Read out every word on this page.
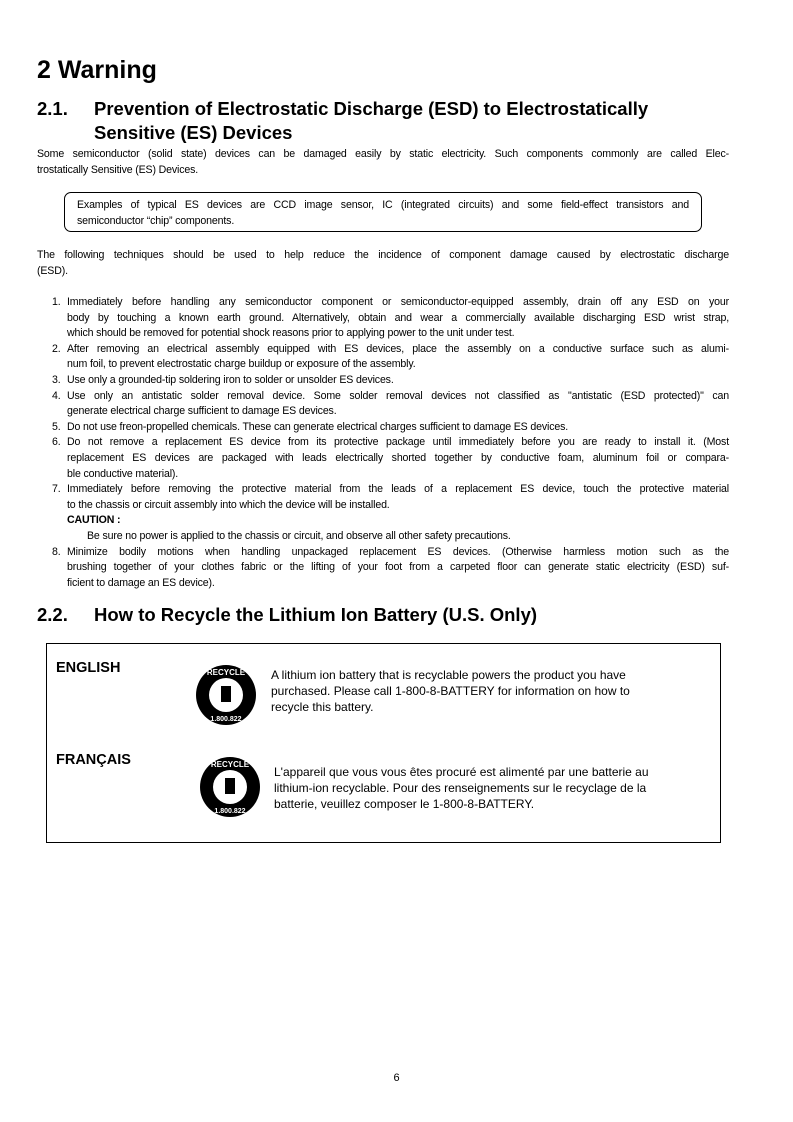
2 Warning
2.1. Prevention of Electrostatic Discharge (ESD) to Electrostatically
Sensitive (ES) Devices
Some semiconductor (solid state) devices can be damaged easily by static electricity. Such components commonly are called Elec-
trostatically Sensitive (ES) Devices.
Examples of typical ES devices are CCD image sensor, IC (integrated circuits) and some field-effect transistors and
semiconductor “chip” components.
The following techniques should be used to help reduce the incidence of component damage caused by electrostatic discharge
(ESD).
1. Immediately before handling any semiconductor component or semiconductor-equipped assembly, drain off any ESD on your
body by touching a known earth ground. Alternatively, obtain and wear a commercially available discharging ESD wrist strap,
which should be removed for potential shock reasons prior to applying power to the unit under test.
2. After removing an electrical assembly equipped with ES devices, place the assembly on a conductive surface such as alumi-
num foil, to prevent electrostatic charge buildup or exposure of the assembly.
3. Use only a grounded-tip soldering iron to solder or unsolder ES devices.
4. Use only an antistatic solder removal device. Some solder removal devices not classified as "antistatic (ESD protected)" can
generate electrical charge sufficient to damage ES devices.
5. Do not use freon-propelled chemicals. These can generate electrical charges sufficient to damage ES devices.
6. Do not remove a replacement ES device from its protective package until immediately before you are ready to install it. (Most
replacement ES devices are packaged with leads electrically shorted together by conductive foam, aluminum foil or compara-
ble conductive material).
7. Immediately before removing the protective material from the leads of a replacement ES device, touch the protective material
to the chassis or circuit assembly into which the device will be installed.
CAUTION :
Be sure no power is applied to the chassis or circuit, and observe all other safety precautions.
8. Minimize bodily motions when handling unpackaged replacement ES devices. (Otherwise harmless motion such as the
brushing together of your clothes fabric or the lifting of your foot from a carpeted floor can generate static electricity (ESD) suf-
ficient to damage an ES device).
2.2. How to Recycle the Lithium Ion Battery (U.S. Only)
ENGLISH	RECYCLE
1.800.822
A lithium ion battery that is recyclable powers the product you have
purchased. Please call 1-800-8-BATTERY for information on how to
recycle this battery.
FRANÇAIS	RECYCLE
1.800.822
L'appareil que vous vous êtes procuré est alimenté par une batterie au
lithium-ion recyclable. Pour des renseignements sur le recyclage de la
batterie, veuillez composer le 1-800-8-BATTERY.
6
